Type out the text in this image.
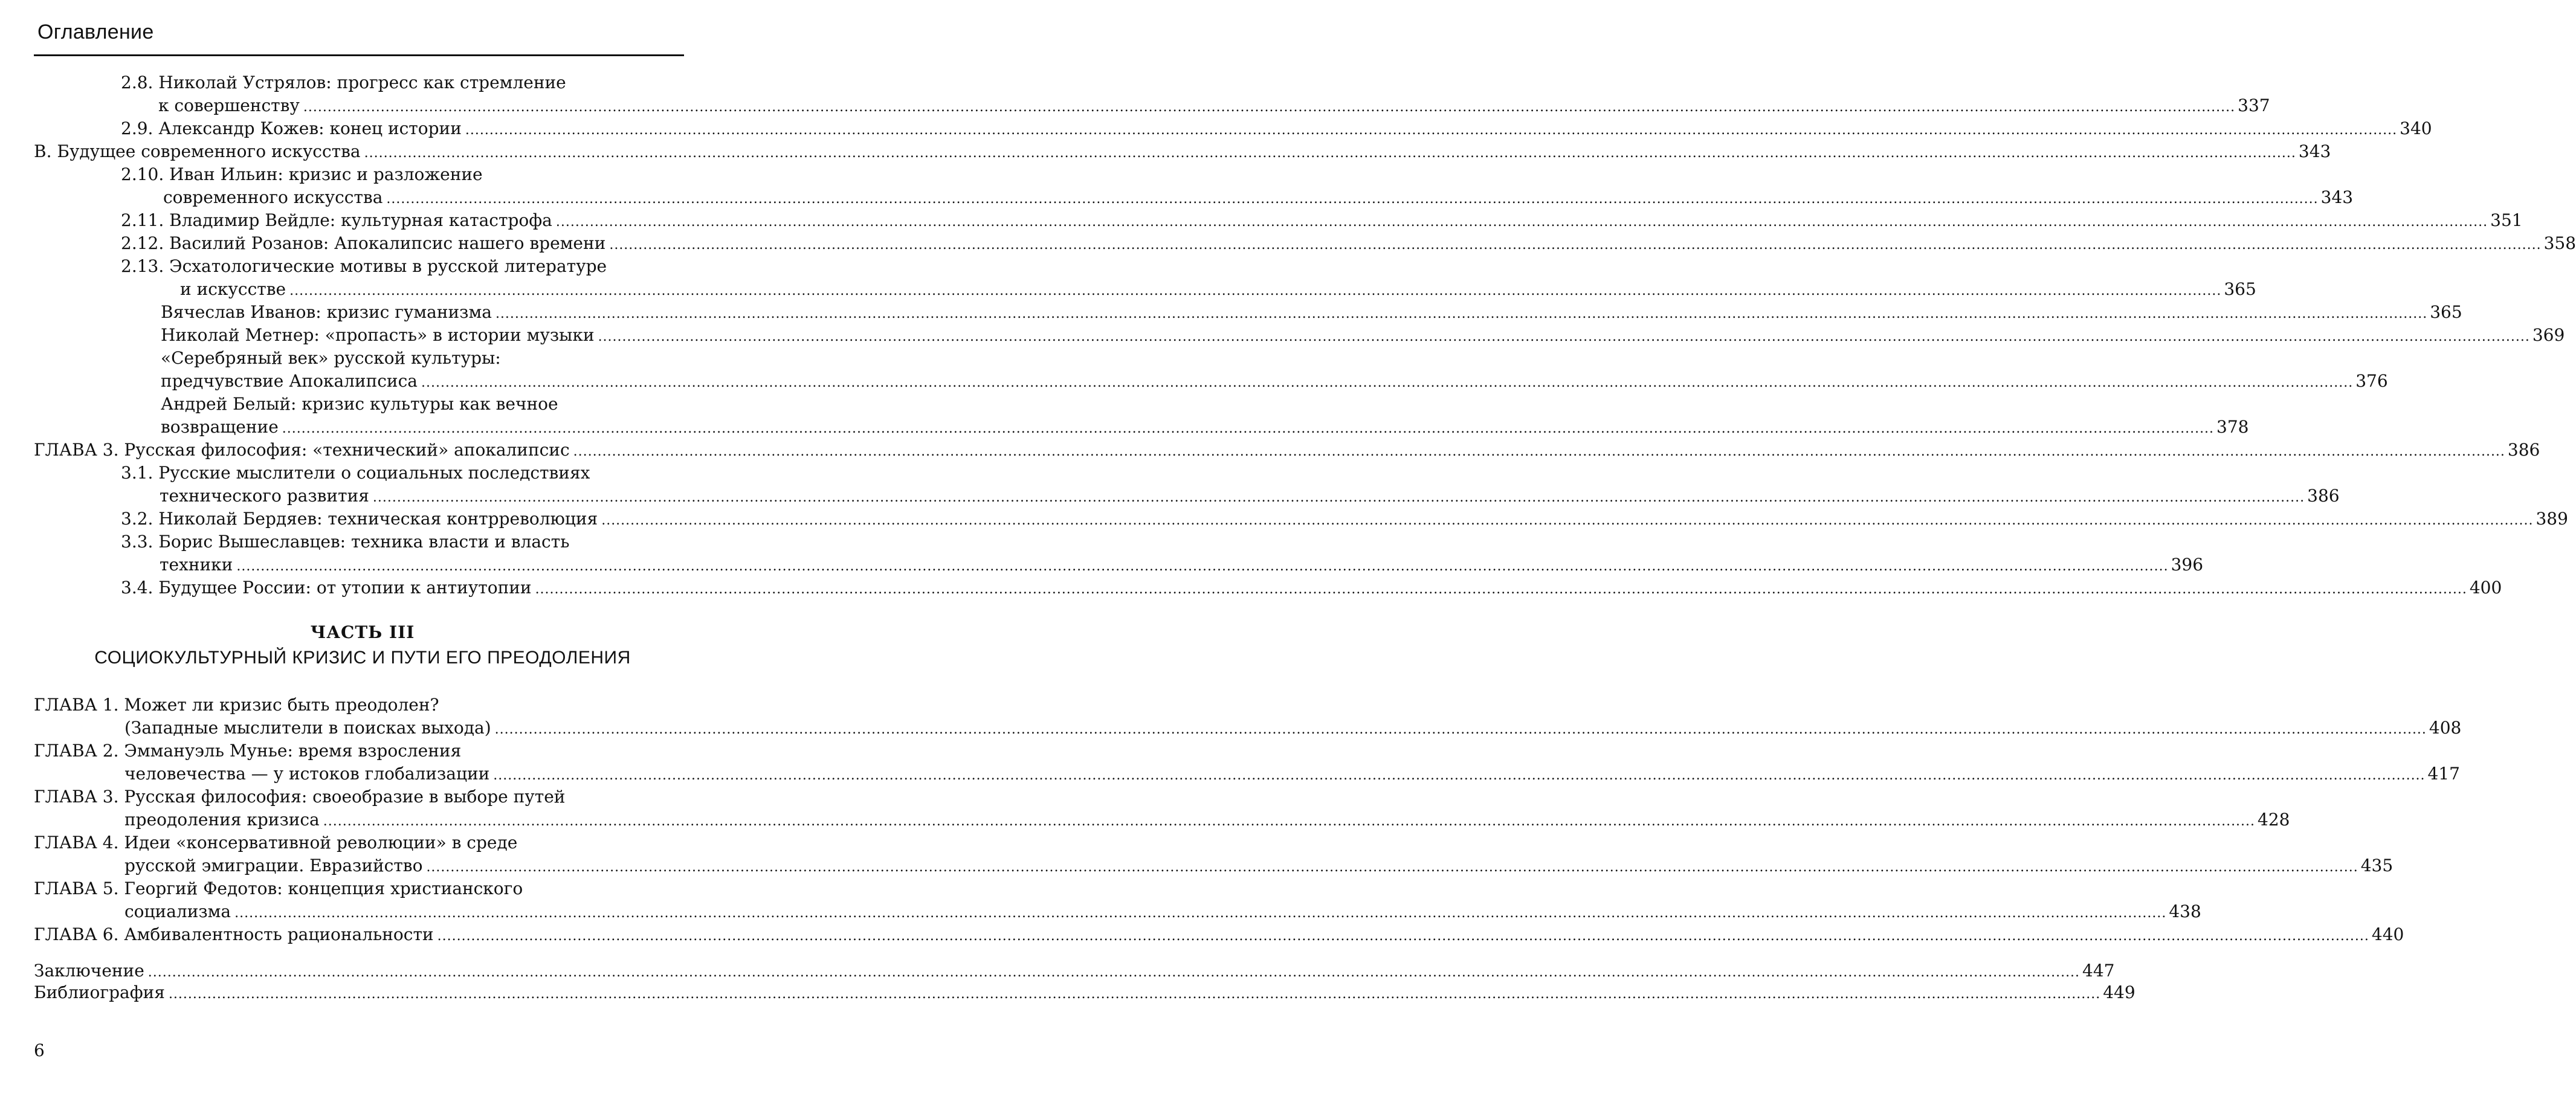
Оглавление
2.8. Николай Устрялов: прогресс как стремление
к совершенству ................................................................................................................................................................................................................................................................................................................................................................................................................ 337
2.9. Александр Кожев: конец истории ................................................................................................................................................................................................................................................................................................................................................................................................................ 340
В. Будущее современного искусства ................................................................................................................................................................................................................................................................................................................................................................................................................ 343
2.10. Иван Ильин: кризис и разложение
современного искусства ................................................................................................................................................................................................................................................................................................................................................................................................................ 343
2.11. Владимир Вейдле: культурная катастрофа ................................................................................................................................................................................................................................................................................................................................................................................................................ 351
2.12. Василий Розанов: Апокалипсис нашего времени ................................................................................................................................................................................................................................................................................................................................................................................................................ 358
2.13. Эсхатологические мотивы в русской литературе
и искусстве ................................................................................................................................................................................................................................................................................................................................................................................................................ 365
Вячеслав Иванов: кризис гуманизма ................................................................................................................................................................................................................................................................................................................................................................................................................ 365
Николай Метнер: «пропасть» в истории музыки ................................................................................................................................................................................................................................................................................................................................................................................................................ 369
«Серебряный век» русской культуры:
предчувствие Апокалипсиса ................................................................................................................................................................................................................................................................................................................................................................................................................ 376
Андрей Белый: кризис культуры как вечное
возвращение ................................................................................................................................................................................................................................................................................................................................................................................................................ 378
ГЛАВА 3. Русская философия: «технический» апокалипсис ................................................................................................................................................................................................................................................................................................................................................................................................................ 386
3.1. Русские мыслители о социальных последствиях
технического развития ................................................................................................................................................................................................................................................................................................................................................................................................................ 386
3.2. Николай Бердяев: техническая контрреволюция ................................................................................................................................................................................................................................................................................................................................................................................................................ 389
3.3. Борис Вышеславцев: техника власти и власть
техники ................................................................................................................................................................................................................................................................................................................................................................................................................ 396
3.4. Будущее России: от утопии к антиутопии ................................................................................................................................................................................................................................................................................................................................................................................................................ 400
ГЛАВА 1. Может ли кризис быть преодолен?
(Западные мыслители в поисках выхода) ................................................................................................................................................................................................................................................................................................................................................................................................................ 408
ГЛАВА 2. Эммануэль Мунье: время взросления
человечества — у истоков глобализации ................................................................................................................................................................................................................................................................................................................................................................................................................ 417
ГЛАВА 3. Русская философия: своеобразие в выборе путей
преодоления кризиса ................................................................................................................................................................................................................................................................................................................................................................................................................ 428
ГЛАВА 4. Идеи «консервативной революции» в среде
русской эмиграции. Евразийство ................................................................................................................................................................................................................................................................................................................................................................................................................ 435
ГЛАВА 5. Георгий Федотов: концепция христианского
социализма ................................................................................................................................................................................................................................................................................................................................................................................................................ 438
ГЛАВА 6. Амбивалентность рациональности ................................................................................................................................................................................................................................................................................................................................................................................................................ 440
Заключение ................................................................................................................................................................................................................................................................................................................................................................................................................ 447
Библиография ................................................................................................................................................................................................................................................................................................................................................................................................................ 449
ЧАСТЬ III
СОЦИОКУЛЬТУРНЫЙ КРИЗИС И ПУТИ ЕГО ПРЕОДОЛЕНИЯ
6
